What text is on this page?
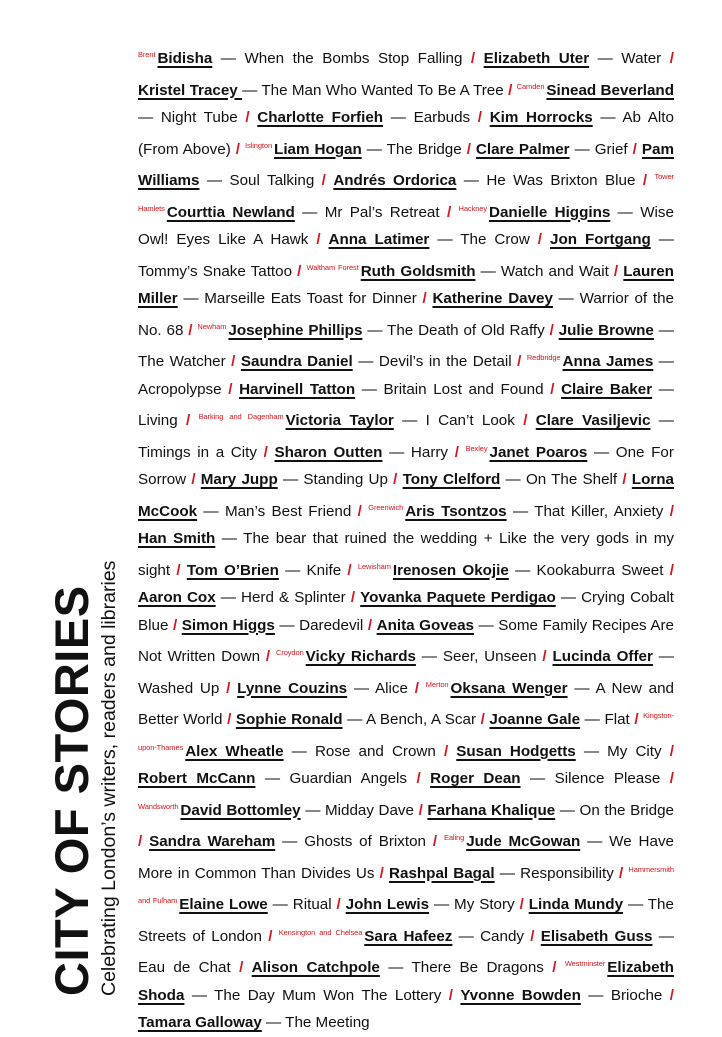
CITY OF STORIES Celebrating London’s writers, readers and libraries
$^{Brent}$ Bidisha — When the Bombs Stop Falling / Elizabeth Uter — Water / Kristel Tracey — The Man Who Wanted To Be A Tree / $^{Camden}$ Sinead Beverland — Night Tube / Charlotte Forfieh — Earbuds / Kim Horrocks — Ab Alto (From Above) / $^{Islington}$ Liam Hogan — The Bridge / Clare Palmer — Grief / Pam Williams — Soul Talking / Andrés Ordorica — He Was Brixton Blue / $^{Tower Hamlets}$ Courttia Newland — Mr Pal’s Retreat / $^{Hackney}$ Danielle Higgins — Wise Owl! Eyes Like A Hawk / Anna Latimer — The Crow / Jon Fortgang — Tommy’s Snake Tattoo / $^{Waltham Forest}$ Ruth Goldsmith — Watch and Wait / Lauren Miller — Marseille Eats Toast for Dinner / Katherine Davey — Warrior of the No. 68 / $^{Newham}$ Josephine Phillips — The Death of Old Raffy / Julie Browne — The Watcher / Saundra Daniel — Devil’s in the Detail / $^{Redbridge}$ Anna James — Acropolypse / Harvinell Tatton — Britain Lost and Found / Claire Baker — Living / $^{Barking and Dagenham}$ Victoria Taylor — I Can’t Look / Clare Vasiljevic — Timings in a City / Sharon Outten — Harry / $^{Bexley}$ Janet Poaros — One For Sorrow / Mary Jupp — Standing Up / Tony Clelford — On The Shelf / Lorna McCook — Man’s Best Friend / $^{Greenwich}$ Aris Tsontzos — That Killer, Anxiety / Han Smith — The bear that ruined the wedding + Like the very gods in my sight / Tom O’Brien — Knife / $^{Lewisham}$ Irenosen Okojie — Kookaburra Sweet / Aaron Cox — Herd & Splinter / Yovanka Paquete Perdigao — Crying Cobalt Blue / Simon Higgs — Daredevil / Anita Goveas — Some Family Recipes Are Not Written Down / $^{Croydon}$ Vicky Richards — Seer, Unseen / Lucinda Offer — Washed Up / Lynne Couzins — Alice / $^{Merton}$ Oksana Wenger — A New and Better World / Sophie Ronald — A Bench, A Scar / Joanne Gale — Flat / $^{Kingston-upon-Thames}$ Alex Wheatle — Rose and Crown / Susan Hodgetts — My City / Robert McCann — Guardian Angels / Roger Dean — Silence Please / $^{Wandsworth}$ David Bottomley — Midday Dave / Farhana Khalique — On the Bridge / Sandra Wareham — Ghosts of Brixton / $^{Ealing}$ Jude McGowan — We Have More in Common Than Divides Us / Rashpal Bagal — Responsibility / $^{Hammersmith and Fulham}$ Elaine Lowe — Ritual / John Lewis — My Story / Linda Mundy — The Streets of London / $^{Kensington and Chelsea}$ Sara Hafeez — Candy / Elisabeth Guss — Eau de Chat / Alison Catchpole — There Be Dragons / $^{Westminster}$ Elizabeth Shoda — The Day Mum Won The Lottery / Yvonne Bowden — Brioche / Tamara Galloway — The Meeting
